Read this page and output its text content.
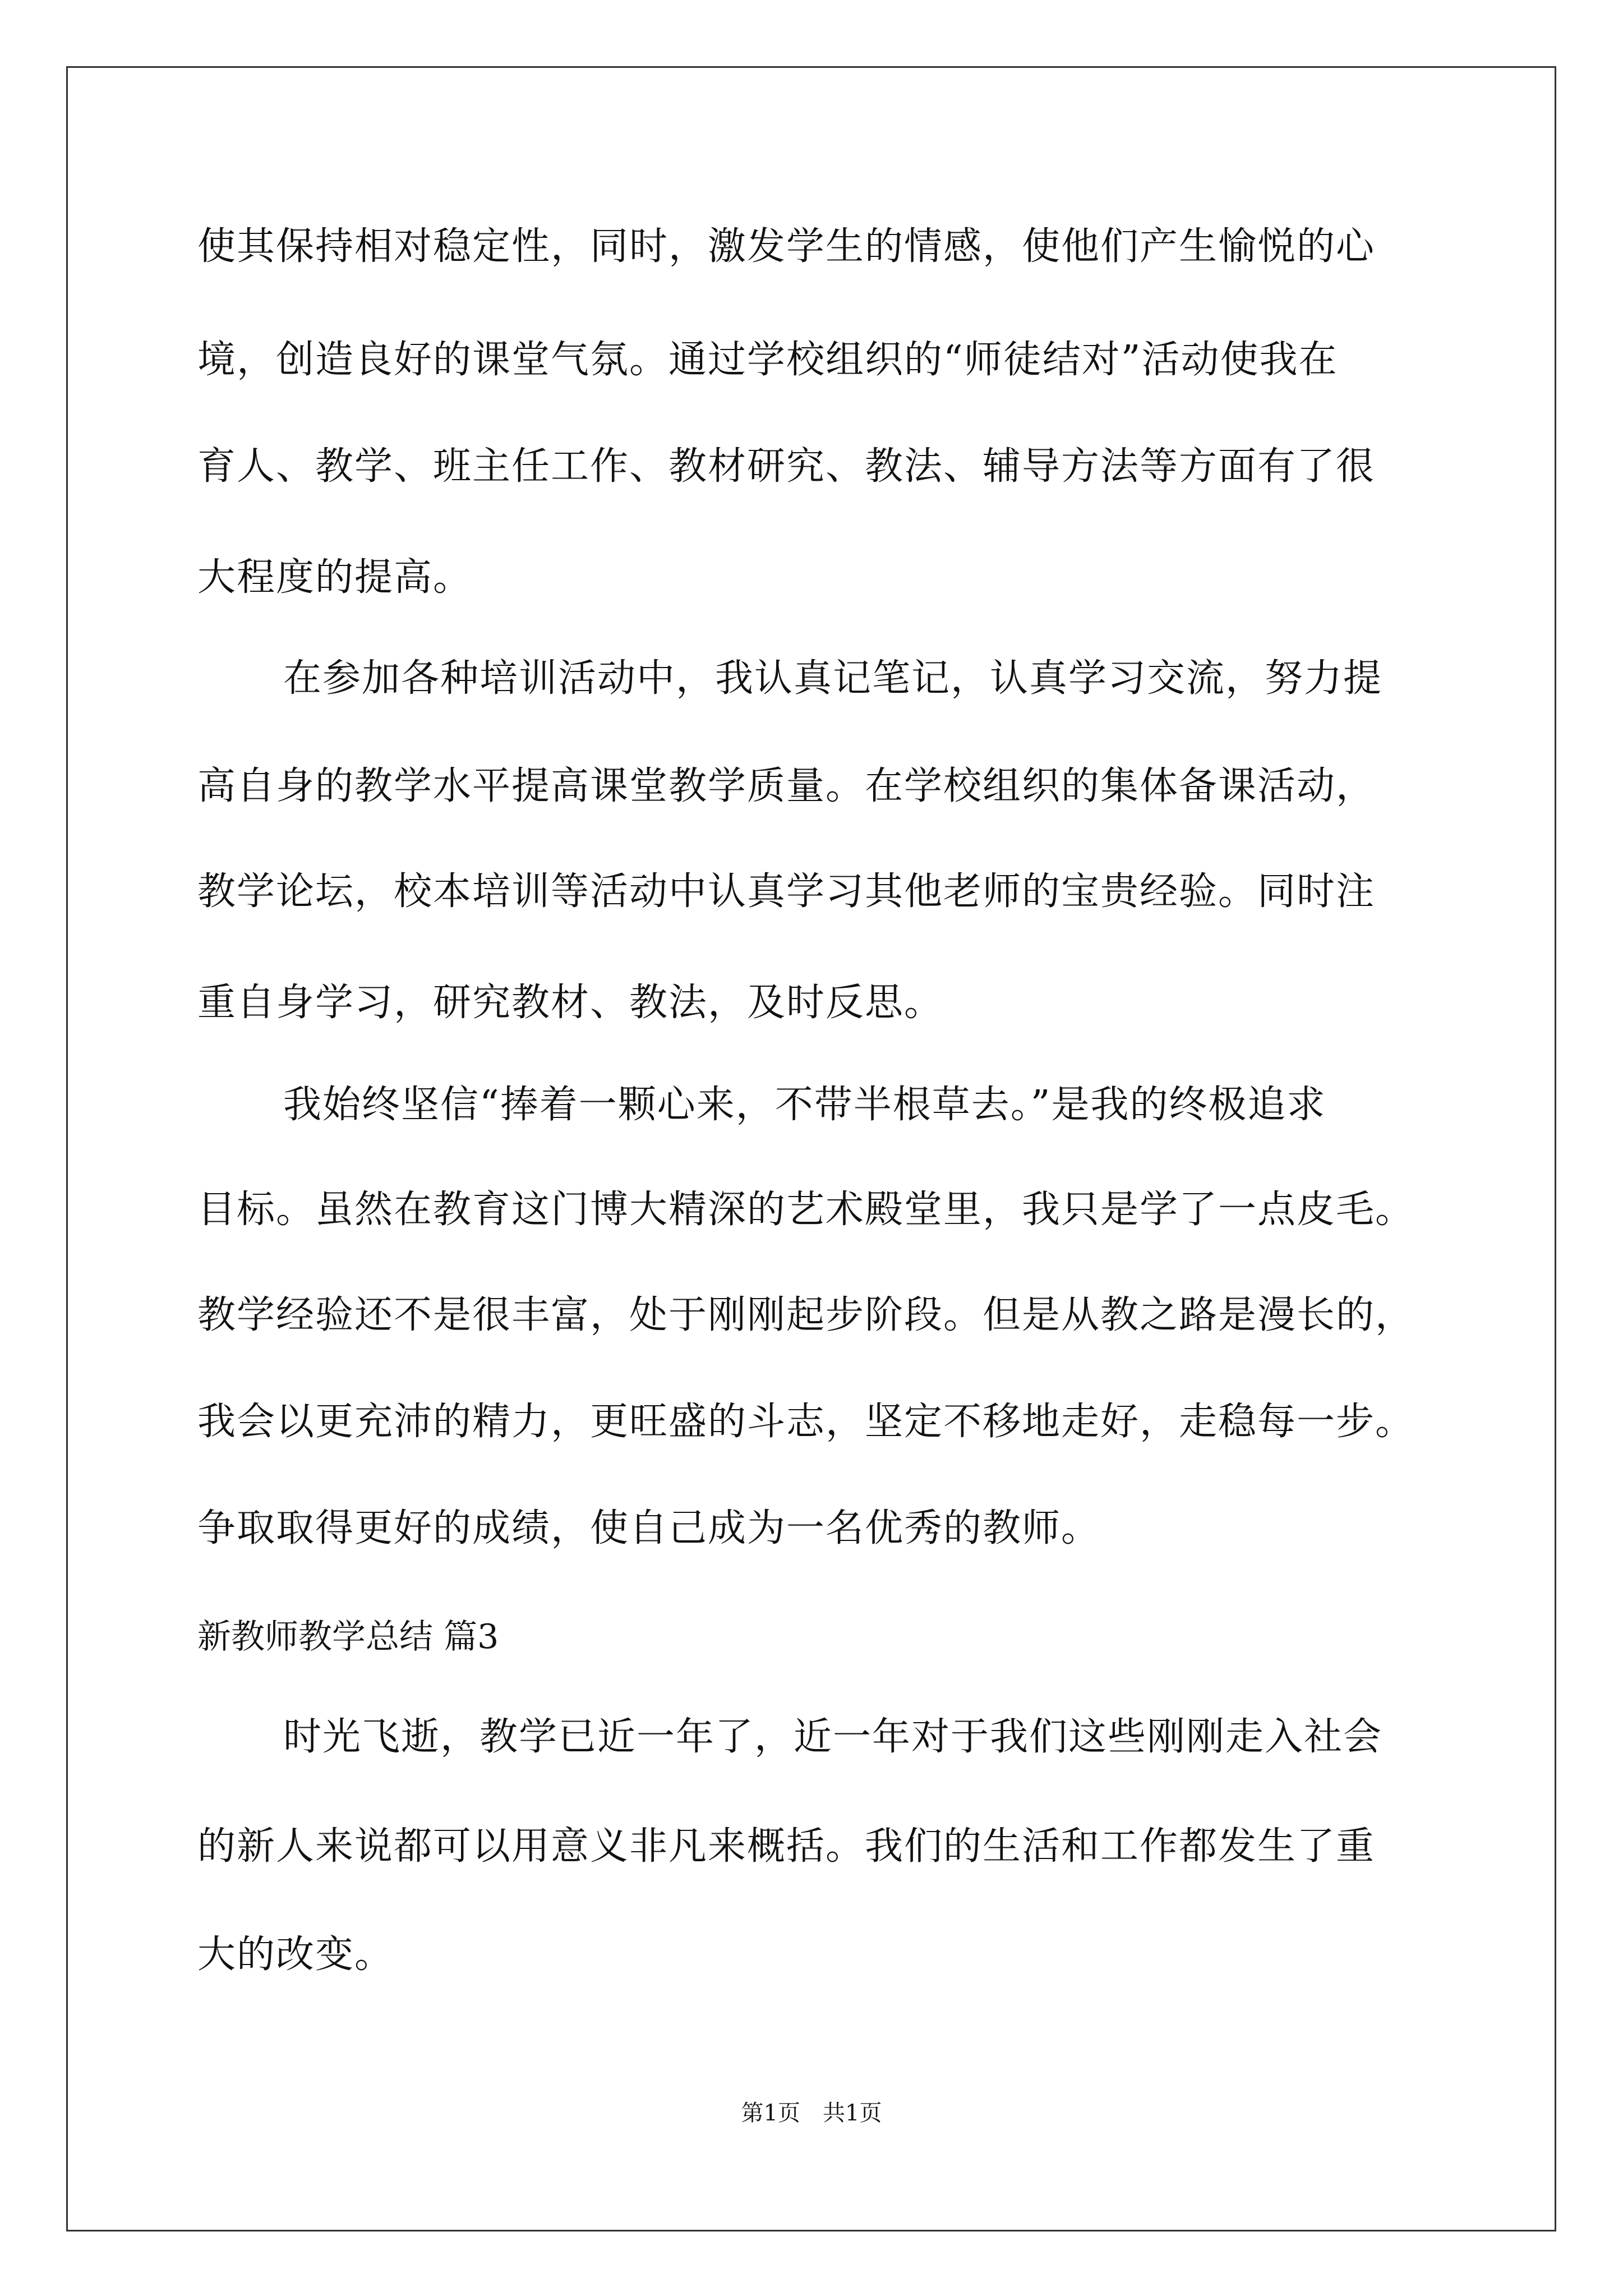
使其保持相对稳定性，同时，激发学生的情感，使他们产生愉悦的心
境，创造良好的课堂气氛。通过学校组织的“师徒结对”活动使我在
育人、教学、班主任工作、教材研究、教法、辅导方法等方面有了很
大程度的提高。
在参加各种培训活动中，我认真记笔记，认真学习交流，努力提
高自身的教学水平提高课堂教学质量。在学校组织的集体备课活动，
教学论坛，校本培训等活动中认真学习其他老师的宝贵经验。同时注
重自身学习，研究教材、教法，及时反思。
我始终坚信“捧着一颗心来，不带半根草去。”是我的终极追求
目标。虽然在教育这门博大精深的艺术殿堂里，我只是学了一点皮毛。
教学经验还不是很丰富，处于刚刚起步阶段。但是从教之路是漫长的，
我会以更充沛的精力，更旺盛的斗志，坚定不移地走好，走稳每一步。
争取取得更好的成绩，使自己成为一名优秀的教师。
新教师教学总结 篇3
时光飞逝，教学已近一年了，近一年对于我们这些刚刚走入社会
的新人来说都可以用意义非凡来概括。我们的生活和工作都发生了重
大的改变。
第1页　共1页
